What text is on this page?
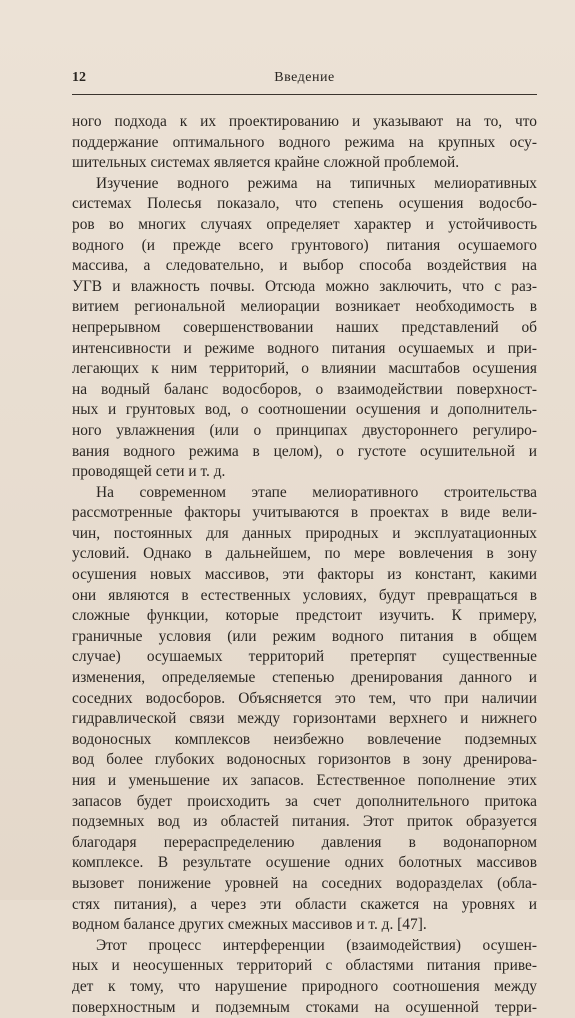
12	Введение
ного подхода к их проектированию и указывают на то, что
поддержание оптимального водного режима на крупных осу-
шительных системах является крайне сложной проблемой.
Изучение водного режима на типичных мелиоративных
системах Полесья показало, что степень осушения водосбо-
ров во многих случаях определяет характер и устойчивость
водного (и прежде всего грунтового) питания осушаемого
массива, а следовательно, и выбор способа воздействия на
УГВ и влажность почвы. Отсюда можно заключить, что с раз-
витием региональной мелиорации возникает необходимость в
непрерывном совершенствовании наших представлений об
интенсивности и режиме водного питания осушаемых и при-
легающих к ним территорий, о влиянии масштабов осушения
на водный баланс водосборов, о взаимодействии поверхност-
ных и грунтовых вод, о соотношении осушения и дополнитель-
ного увлажнения (или о принципах двустороннего регулиро-
вания водного режима в целом), о густоте осушительной и
проводящей сети и т. д.
На современном этапе мелиоративного строительства
рассмотренные факторы учитываются в проектах в виде вели-
чин, постоянных для данных природных и эксплуатационных
условий. Однако в дальнейшем, по мере вовлечения в зону
осушения новых массивов, эти факторы из констант, какими
они являются в естественных условиях, будут превращаться в
сложные функции, которые предстоит изучить. К примеру,
граничные условия (или режим водного питания в общем
случае) осушаемых территорий претерпят существенные
изменения, определяемые степенью дренирования данного и
соседних водосборов. Объясняется это тем, что при наличии
гидравлической связи между горизонтами верхнего и нижнего
водоносных комплексов неизбежно вовлечение подземных
вод более глубоких водоносных горизонтов в зону дренирова-
ния и уменьшение их запасов. Естественное пополнение этих
запасов будет происходить за счет дополнительного притока
подземных вод из областей питания. Этот приток образуется
благодаря перераспределению давления в водонапорном
комплексе. В результате осушение одних болотных массивов
вызовет понижение уровней на соседних водоразделах (обла-
стях питания), а через эти области скажется на уровнях и
водном балансе других смежных массивов и т. д. [47].
Этот процесс интерференции (взаимодействия) осушен-
ных и неосушенных территорий с областями питания приве-
дет к тому, что нарушение природного соотношения между
поверхностным и подземным стоками на осушенной терри-
